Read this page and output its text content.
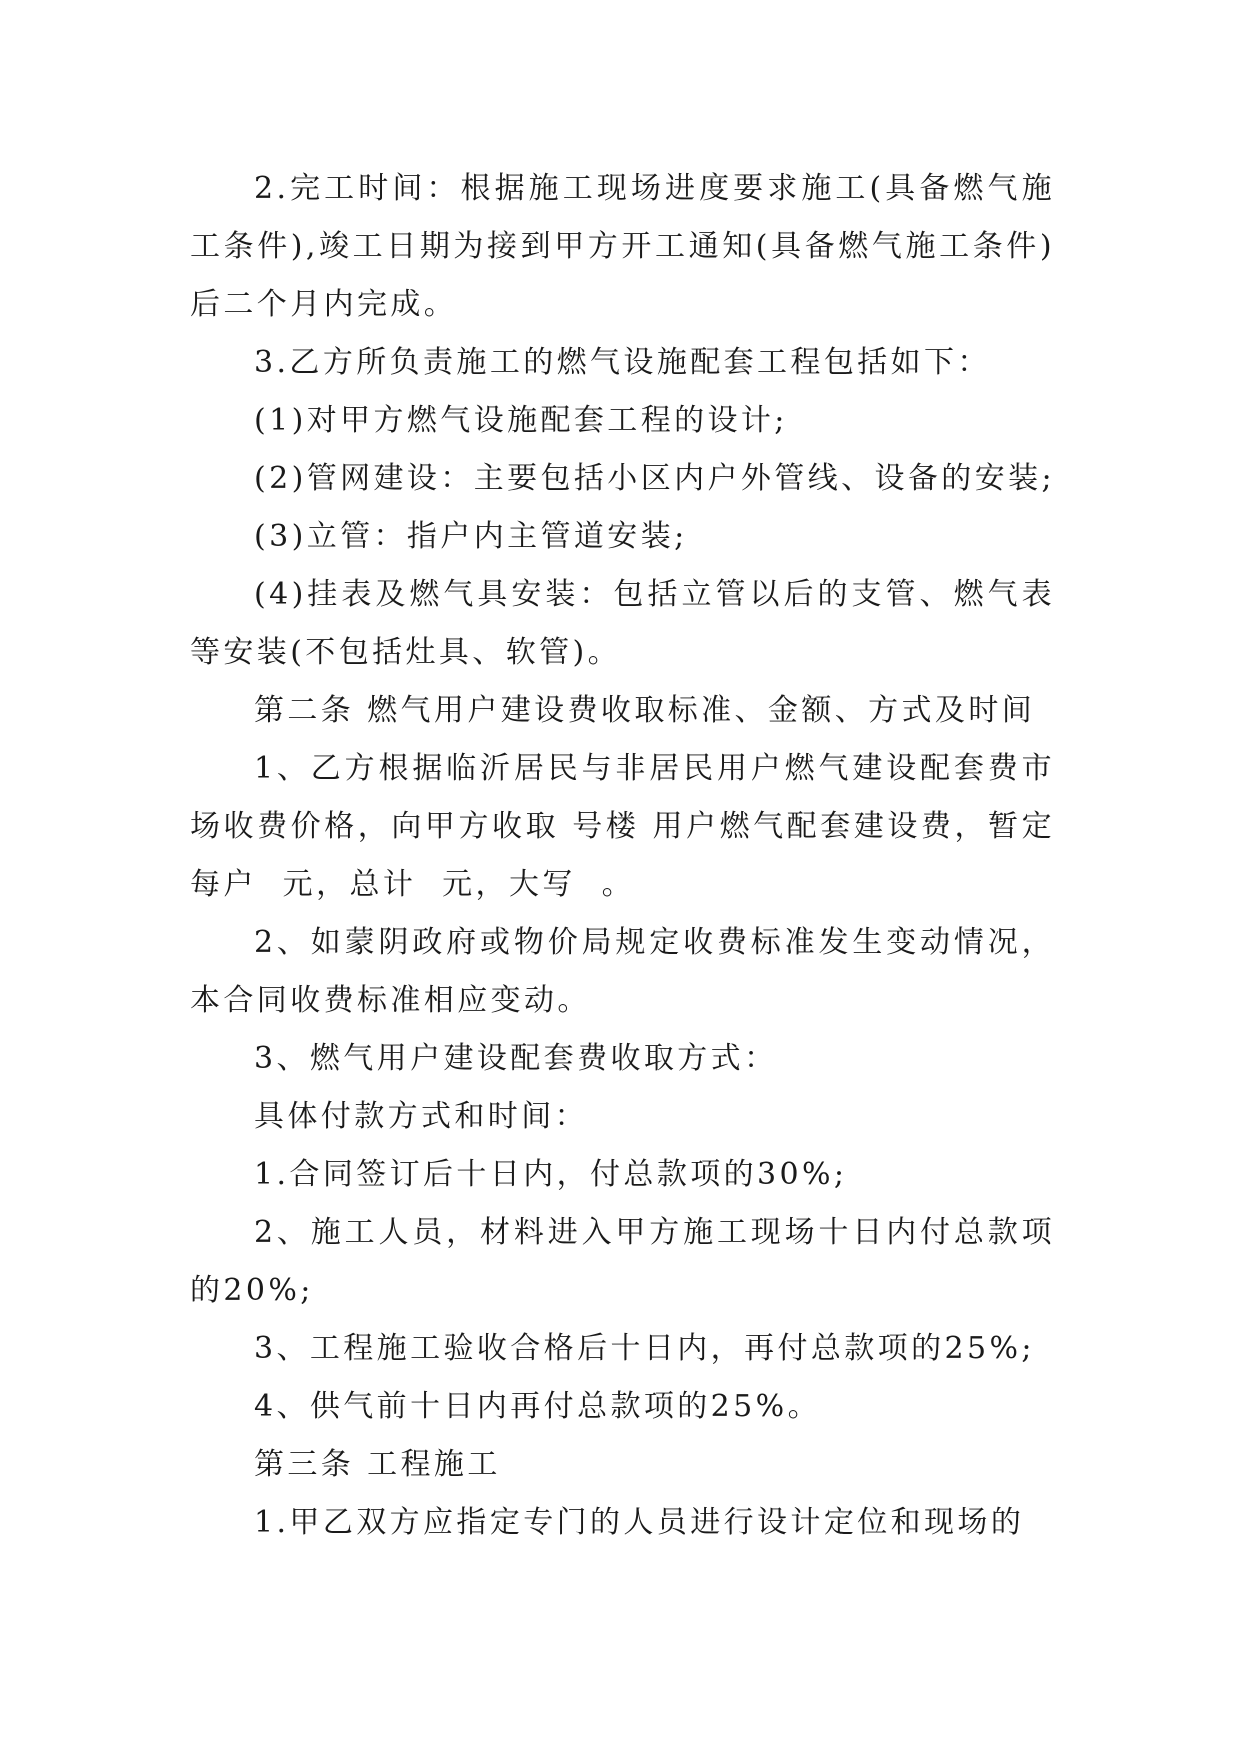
2.完工时间：根据施工现场进度要求施工(具备燃气施工条件),竣工日期为接到甲方开工通知(具备燃气施工条件)后二个月内完成。

3.乙方所负责施工的燃气设施配套工程包括如下：

(1)对甲方燃气设施配套工程的设计;

(2)管网建设：主要包括小区内户外管线、设备的安装;

(3)立管：指户内主管道安装;

(4)挂表及燃气具安装：包括立管以后的支管、燃气表等安装(不包括灶具、软管)。

第二条 燃气用户建设费收取标准、金额、方式及时间

1、乙方根据临沂居民与非居民用户燃气建设配套费市场收费价格，向甲方收取 号楼 用户燃气配套建设费，暂定每户  元，总计  元，大写  。

2、如蒙阴政府或物价局规定收费标准发生变动情况，本合同收费标准相应变动。

3、燃气用户建设配套费收取方式：

具体付款方式和时间：

1.合同签订后十日内，付总款项的30%;

2、施工人员，材料进入甲方施工现场十日内付总款项的20%;

3、工程施工验收合格后十日内，再付总款项的25%;

4、供气前十日内再付总款项的25%。

第三条 工程施工

1.甲乙双方应指定专门的人员进行设计定位和现场的
